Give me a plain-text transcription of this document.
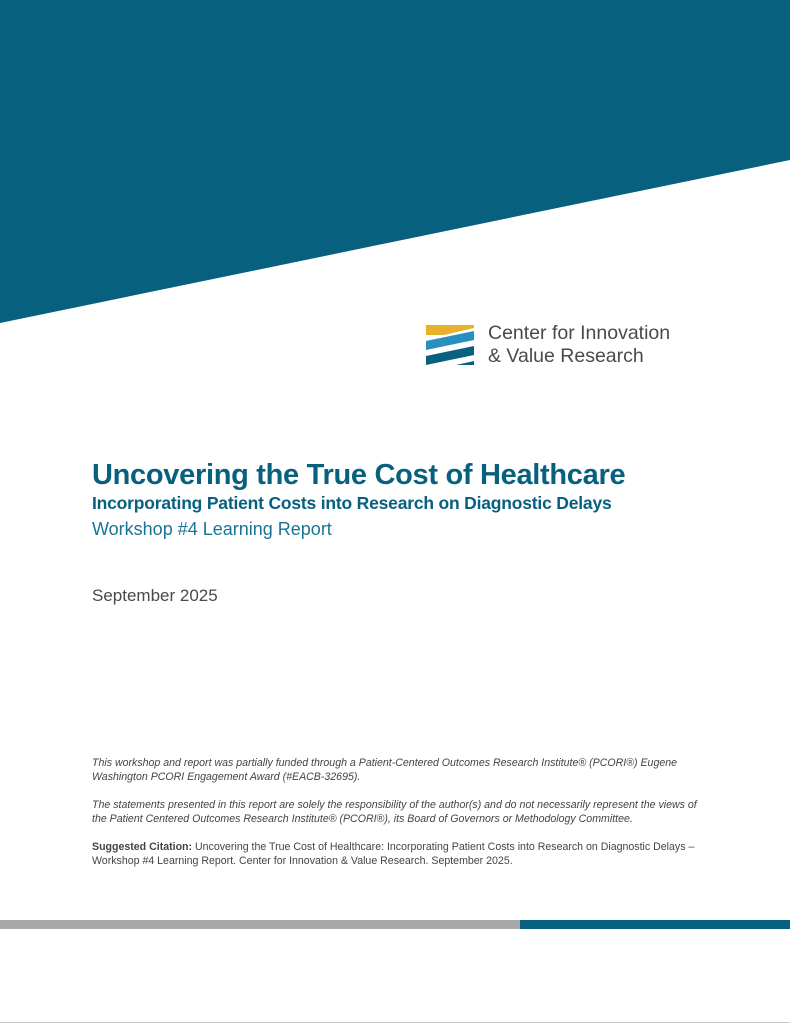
Center for Innovation
& Value Research
Uncovering the True Cost of Healthcare
Incorporating Patient Costs into Research on Diagnostic Delays
Workshop #4 Learning Report
September 2025

This workshop and report was partially funded through a Patient-Centered Outcomes Research Institute® (PCORI®) Eugene Washington PCORI Engagement Award (#EACB-32695).

The statements presented in this report are solely the responsibility of the author(s) and do not necessarily represent the views of the Patient Centered Outcomes Research Institute® (PCORI®), its Board of Governors or Methodology Committee.

Suggested Citation: Uncovering the True Cost of Healthcare: Incorporating Patient Costs into Research on Diagnostic Delays – Workshop #4 Learning Report. Center for Innovation & Value Research. September 2025.
